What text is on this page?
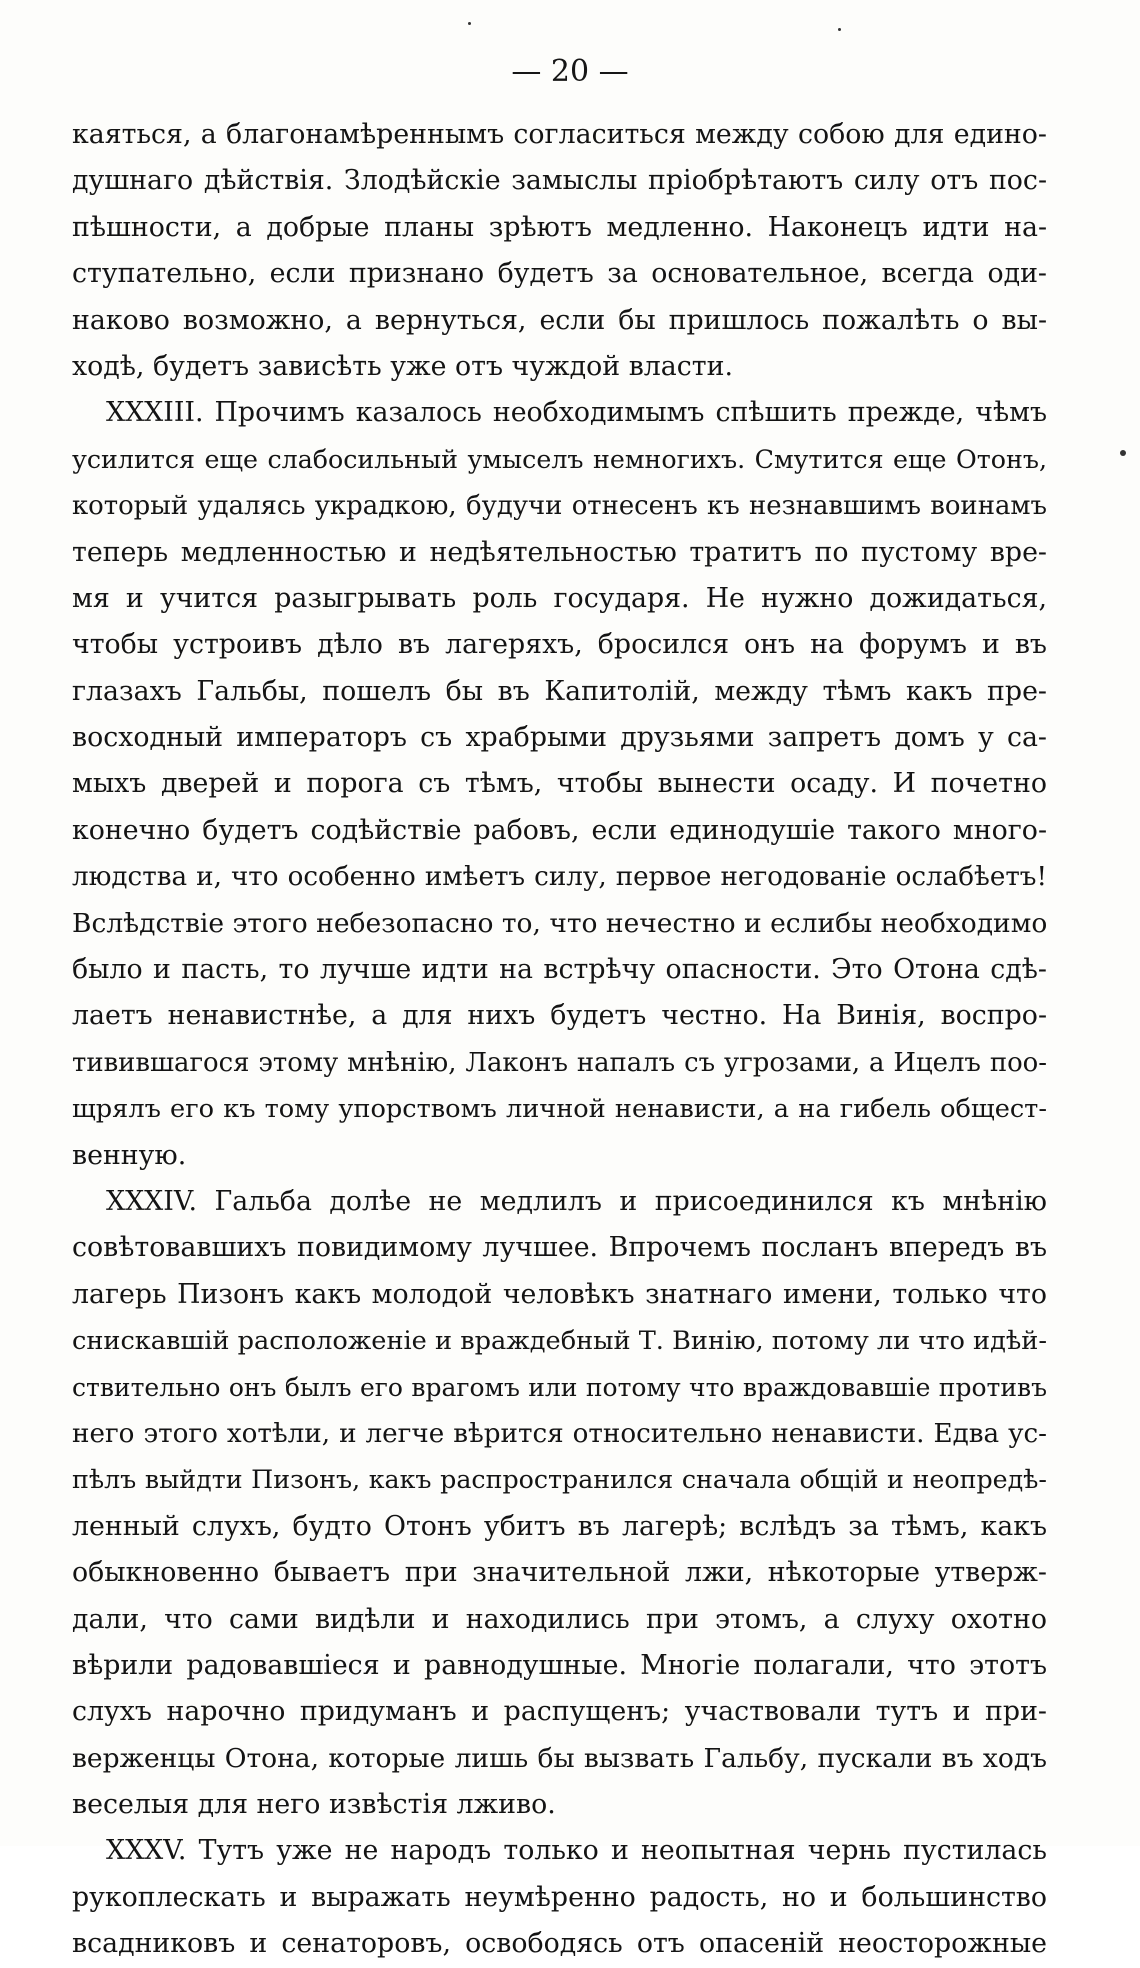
— 20 —
каяться, а благонамѣреннымъ согласиться между собою для едино-
душнаго дѣйствія. Злодѣйскіе замыслы пріобрѣтаютъ силу отъ пос-
пѣшности, а добрые планы зрѣютъ медленно. Наконецъ идти на-
ступательно, если признано будетъ за основательное, всегда оди-
наково возможно, а вернуться, если бы пришлось пожалѣть о вы-
ходѣ, будетъ зависѣть уже отъ чуждой власти.
XXXIII. Прочимъ казалось необходимымъ спѣшить прежде, чѣмъ
усилится еще слабосильный умыселъ немногихъ. Смутится еще Отонъ,
который удалясь украдкою, будучи отнесенъ къ незнавшимъ воинамъ
теперь медленностью и недѣятельностью тратитъ по пустому вре-
мя и учится разыгрывать роль государя. Не нужно дожидаться,
чтобы устроивъ дѣло въ лагеряхъ, бросился онъ на форумъ и въ
глазахъ Гальбы, пошелъ бы въ Капитолій, между тѣмъ какъ пре-
восходный императоръ съ храбрыми друзьями запретъ домъ у са-
мыхъ дверей и порога съ тѣмъ, чтобы вынести осаду. И почетно
конечно будетъ содѣйствіе рабовъ, если единодушіе такого много-
людства и, что особенно имѣетъ силу, первое негодованіе ослабѣетъ!
Вслѣдствіе этого небезопасно то, что нечестно и еслибы необходимо
было и пасть, то лучше идти на встрѣчу опасности. Это Отона сдѣ-
лаетъ ненавистнѣе, а для нихъ будетъ честно. На Винія, воспро-
тивившагося этому мнѣнію, Лаконъ напалъ съ угрозами, а Ицелъ поо-
щрялъ его къ тому упорствомъ личной ненависти, а на гибель общест-
венную.
XXXIV. Гальба долѣе не медлилъ и присоединился къ мнѣнію
совѣтовавшихъ повидимому лучшее. Впрочемъ посланъ впередъ въ
лагерь Пизонъ какъ молодой человѣкъ знатнаго имени, только что
снискавшій расположеніе и враждебный Т. Винію, потому ли что идѣй-
ствительно онъ былъ его врагомъ или потому что враждовавшіе противъ
него этого хотѣли, и легче вѣрится относительно ненависти. Едва ус-
пѣлъ выйдти Пизонъ, какъ распространился сначала общій и неопредѣ-
ленный слухъ, будто Отонъ убитъ въ лагерѣ; вслѣдъ за тѣмъ, какъ
обыкновенно бываетъ при значительной лжи, нѣкоторые утверж-
дали, что сами видѣли и находились при этомъ, а слуху охотно
вѣрили радовавшіеся и равнодушные. Многіе полагали, что этотъ
слухъ нарочно придуманъ и распущенъ; участвовали тутъ и при-
верженцы Отона, которые лишь бы вызвать Гальбу, пускали въ ходъ
веселыя для него извѣстія лживо.
XXXV. Тутъ уже не народъ только и неопытная чернь пустилась
рукоплескать и выражать неумѣренно радость, но и большинство
всадниковъ и сенаторовъ, освободясь отъ опасеній неосторожные
